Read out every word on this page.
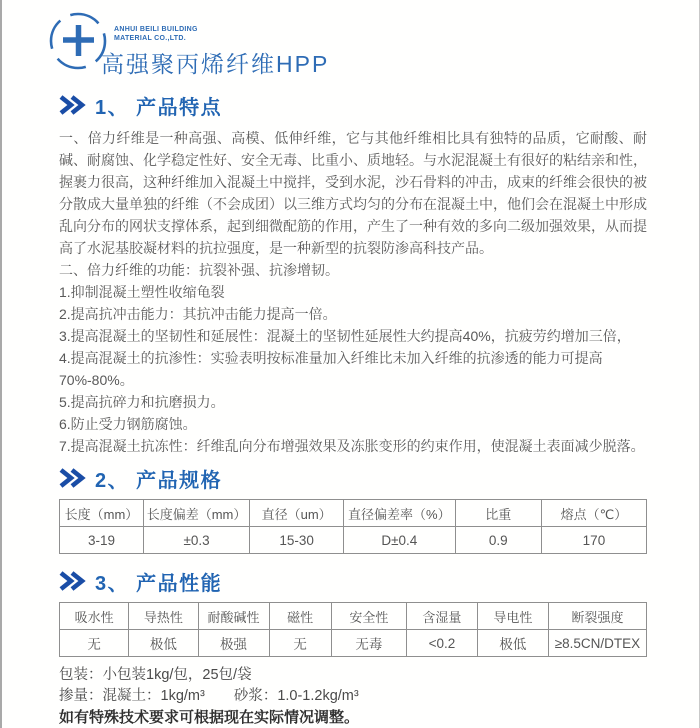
ANHUI BEILI BUILDING
MATERIAL CO.,LTD.
高强聚丙烯纤维HPP
1、 产品特点

一、倍力纤维是一种高强、高模、低伸纤维，它与其他纤维相比具有独特的品质，它耐酸、耐碱、耐腐蚀、化学稳定性好、安全无毒、比重小、质地轻。与水泥混凝土有很好的粘结亲和性，握裹力很高，这种纤维加入混凝土中搅拌，受到水泥，沙石骨料的冲击，成束的纤维会很快的被分散成大量单独的纤维（不会成团）以三维方式均匀的分布在混凝土中，他们会在混凝土中形成乱向分布的网状支撑体系，起到细微配筋的作用，产生了一种有效的多向二级加强效果，从而提高了水泥基胶凝材料的抗拉强度，是一种新型的抗裂防渗高科技产品。

二、倍力纤维的功能：抗裂补强、抗渗增韧。

1.抑制混凝土塑性收缩龟裂
2.提高抗冲击能力：其抗冲击能力提高一倍。
3.提高混凝土的坚韧性和延展性：混凝土的坚韧性延展性大约提高40%，抗疲劳约增加三倍，
4.提高混凝土的抗渗性：实验表明按标准量加入纤维比未加入纤维的抗渗透的能力可提高70%-80%。
5.提高抗碎力和抗磨损力。
6.防止受力钢筋腐蚀。
7.提高混凝土抗冻性：纤维乱向分布增强效果及冻胀变形的约束作用，使混凝土表面减少脱落。
2、 产品规格
长度（mm）	长度偏差（mm）	直径（um）	直径偏差率（%）	比重	熔点（℃）
3-19	±0.3	15-30	D±0.4	0.9	170
3、 产品性能
吸水性	导热性	耐酸碱性	磁性	安全性	含湿量	导电性	断裂强度
无	极低	极强	无	无毒	<0.2	极低	≥8.5CN/DTEX

包装：小包装1kg/包，25包/袋

掺量：混凝土：1kg/m³　　砂浆：1.0-1.2kg/m³

如有特殊技术要求可根据现在实际情况调整。
